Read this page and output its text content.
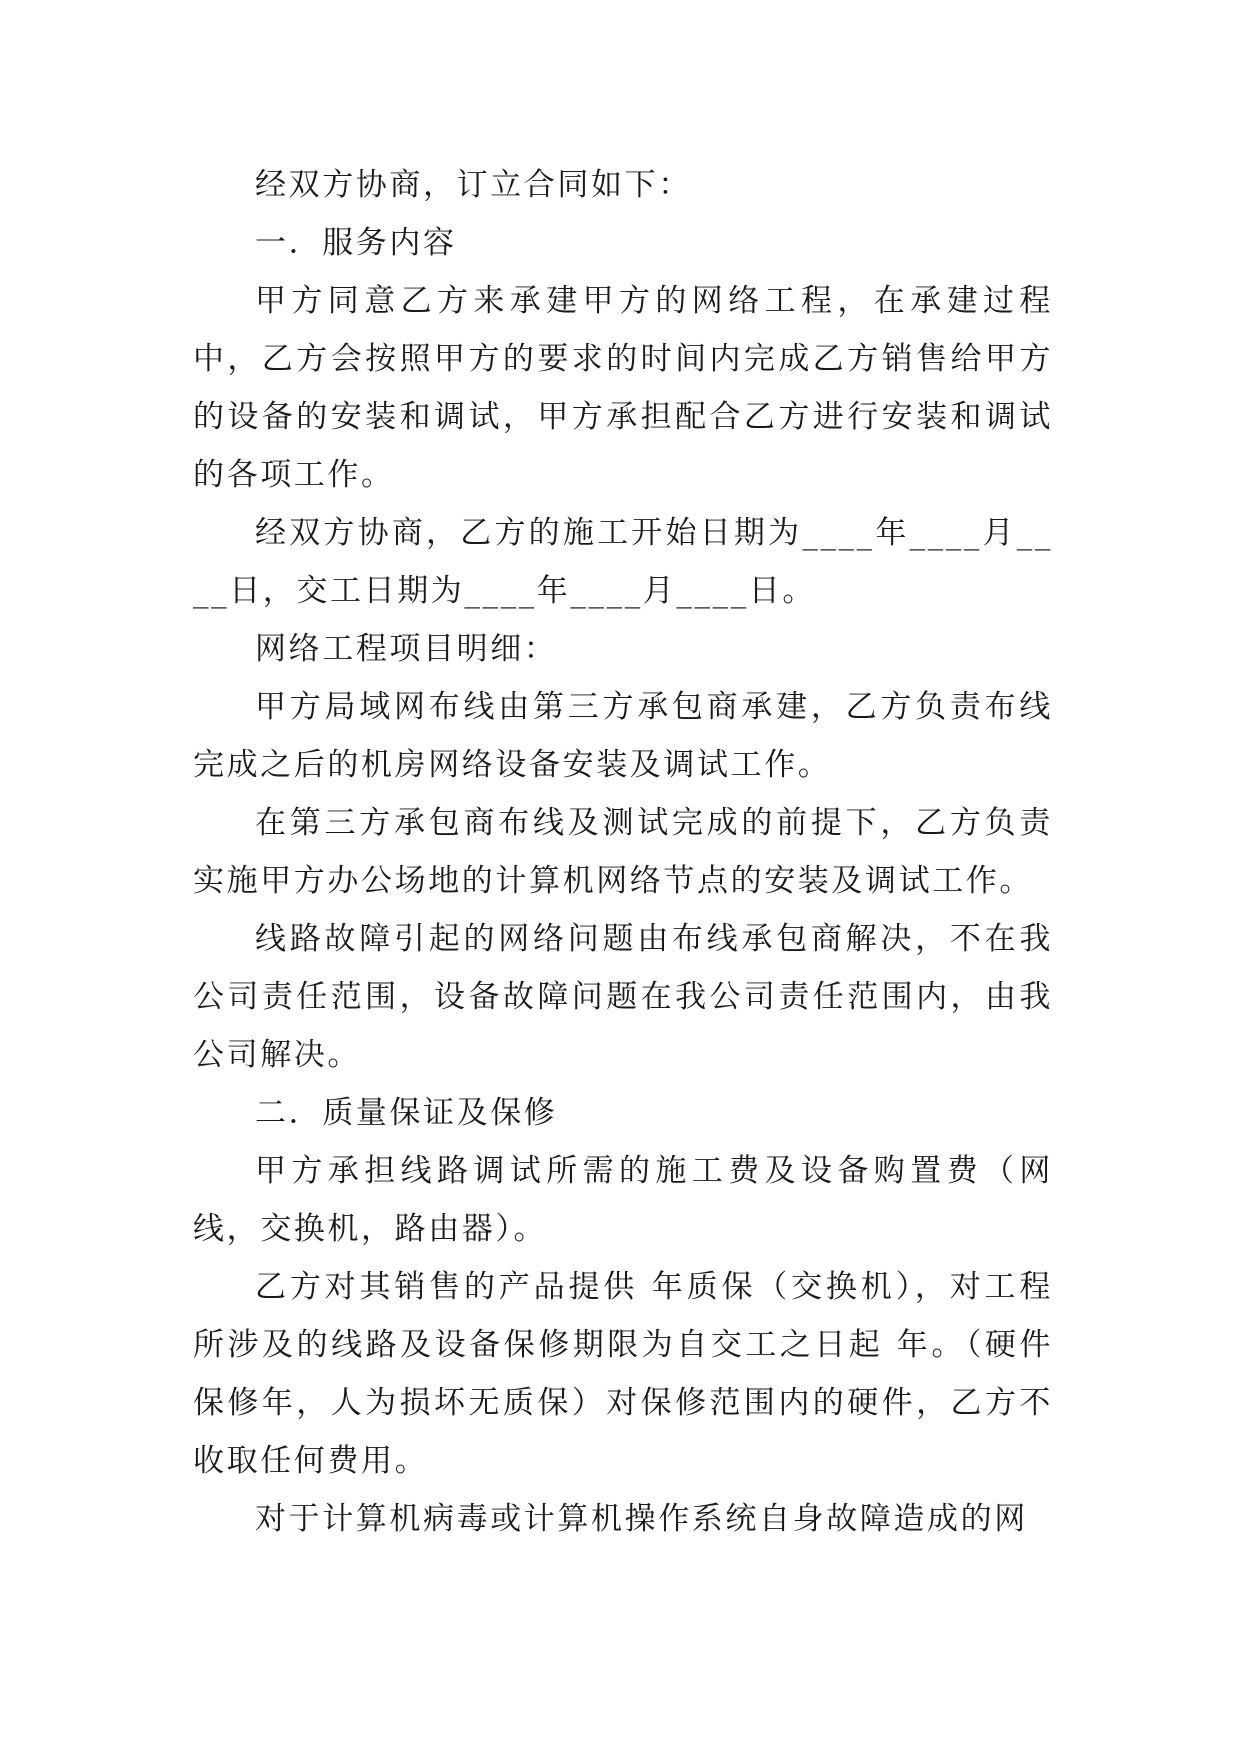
经双方协商，订立合同如下：

一．服务内容

甲方同意乙方来承建甲方的网络工程，在承建过程中，乙方会按照甲方的要求的时间内完成乙方销售给甲方的设备的安装和调试，甲方承担配合乙方进行安装和调试的各项工作。

经双方协商，乙方的施工开始日期为____年____月____日，交工日期为____年____月____日。

网络工程项目明细：

甲方局域网布线由第三方承包商承建，乙方负责布线完成之后的机房网络设备安装及调试工作。

在第三方承包商布线及测试完成的前提下，乙方负责实施甲方办公场地的计算机网络节点的安装及调试工作。

线路故障引起的网络问题由布线承包商解决，不在我公司责任范围，设备故障问题在我公司责任范围内，由我公司解决。

二．质量保证及保修

甲方承担线路调试所需的施工费及设备购置费（网线，交换机，路由器）。

乙方对其销售的产品提供 年质保（交换机），对工程所涉及的线路及设备保修期限为自交工之日起 年。（硬件保修年，人为损坏无质保）对保修范围内的硬件，乙方不收取任何费用。

对于计算机病毒或计算机操作系统自身故障造成的网
